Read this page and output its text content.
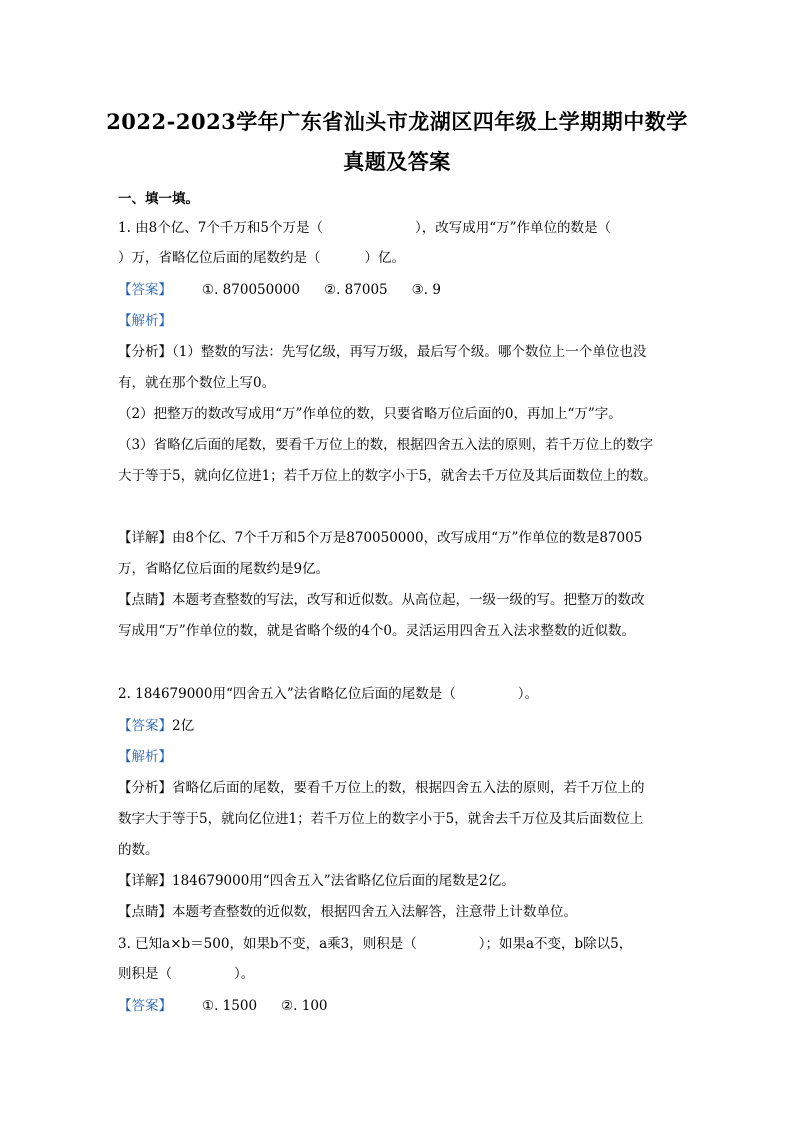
2022-2023学年广东省汕头市龙湖区四年级上学期期中数学
真题及答案
一、填一填。
1. 由8个亿、7个千万和5个万是（	），改写成用“万”作单位的数是（
）万，省略亿位后面的尾数约是（	）亿。
【答案】 ①. 870050000 ②. 87005 ③. 9
【解析】
【分析】（1）整数的写法：先写亿级，再写万级，最后写个级。哪个数位上一个单位也没
有，就在那个数位上写0。
（2）把整万的数改写成用“万”作单位的数，只要省略万位后面的0，再加上“万”字。
（3）省略亿后面的尾数，要看千万位上的数，根据四舍五入法的原则，若千万位上的数字
大于等于5，就向亿位进1；若千万位上的数字小于5，就舍去千万位及其后面数位上的数。
【详解】由8个亿、7个千万和5个万是870050000，改写成用“万”作单位的数是87005
万，省略亿位后面的尾数约是9亿。
【点睛】本题考查整数的写法，改写和近似数。从高位起，一级一级的写。把整万的数改
写成用“万”作单位的数，就是省略个级的4个0。灵活运用四舍五入法求整数的近似数。
2. 184679000用“四舍五入”法省略亿位后面的尾数是（	）。
【答案】2亿
【解析】
【分析】省略亿后面的尾数，要看千万位上的数，根据四舍五入法的原则，若千万位上的
数字大于等于5，就向亿位进1；若千万位上的数字小于5，就舍去千万位及其后面数位上
的数。
【详解】184679000用“四舍五入”法省略亿位后面的尾数是2亿。
【点睛】本题考查整数的近似数，根据四舍五入法解答，注意带上计数单位。
3. 已知a×b＝500，如果b不变，a乘3，则积是（	）；如果a不变，b除以5，
则积是（	）。
【答案】 ①. 1500 ②. 100
